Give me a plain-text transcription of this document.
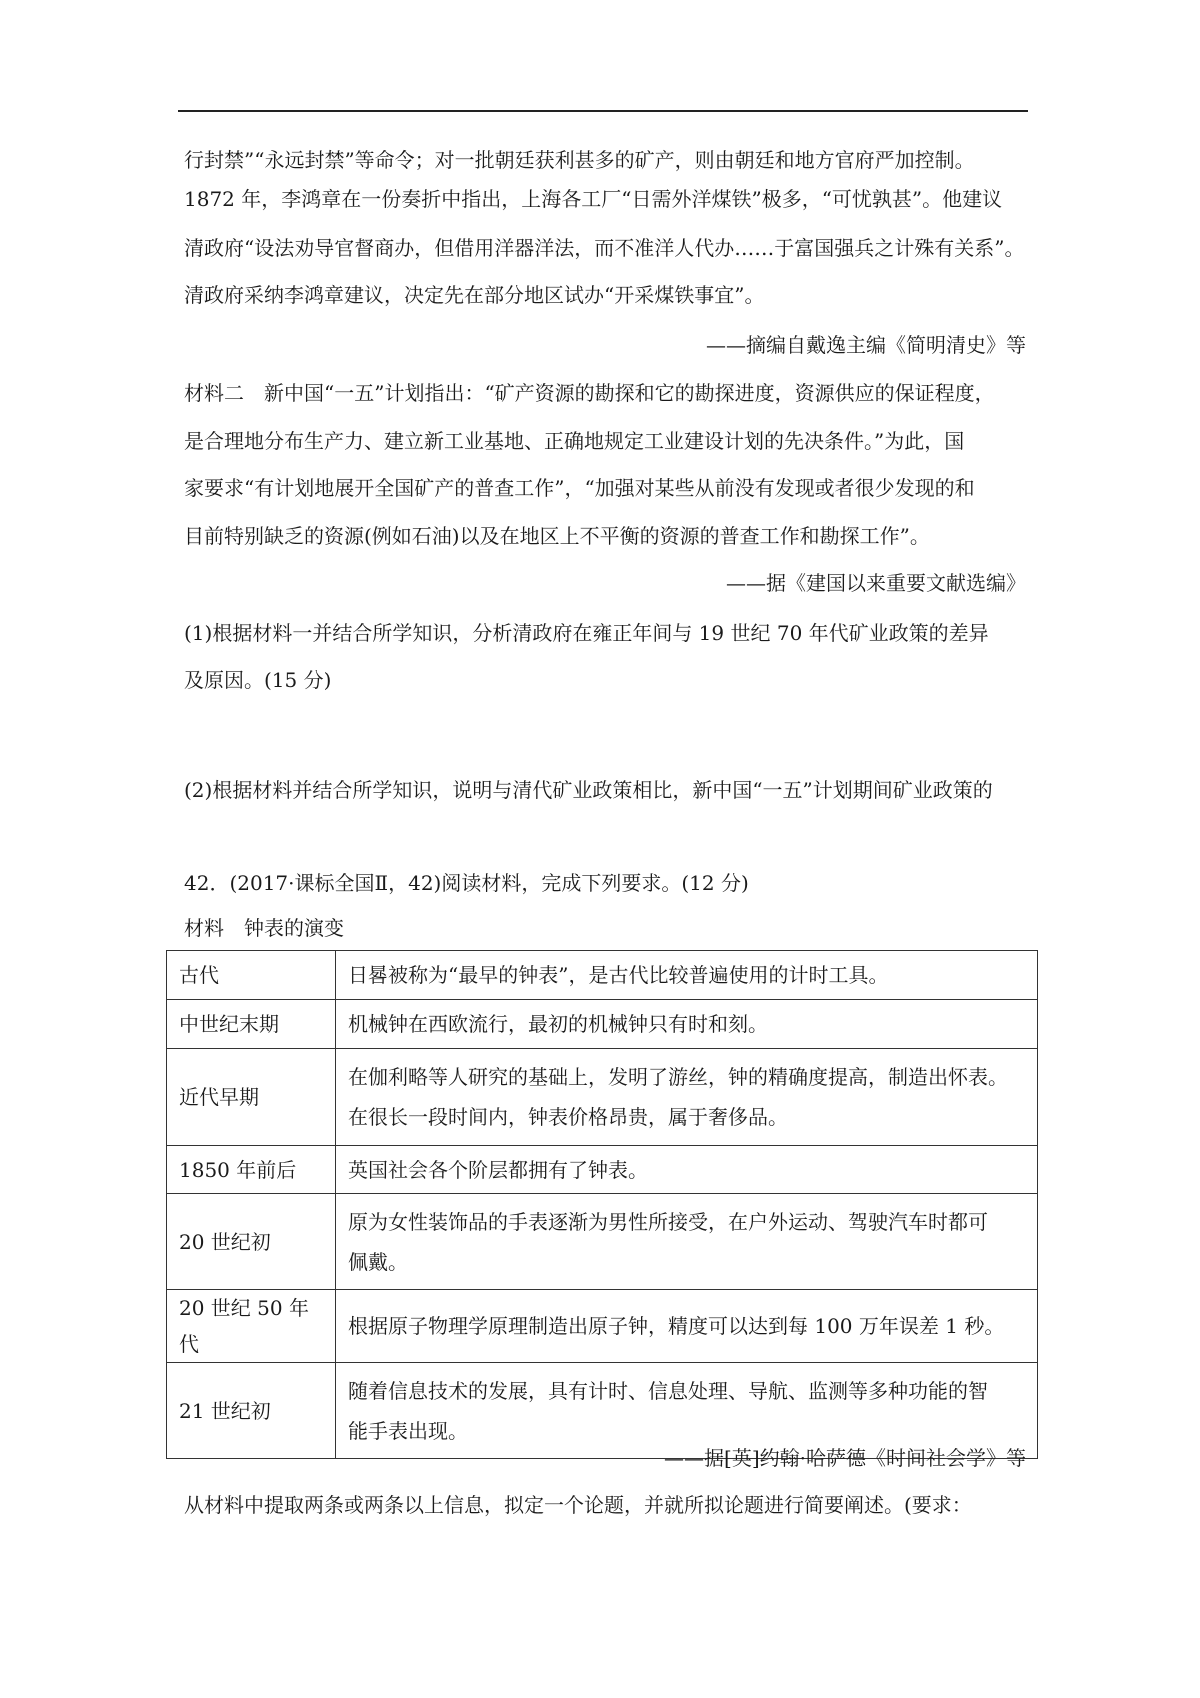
行封禁”“永远封禁”等命令；对一批朝廷获利甚多的矿产，则由朝廷和地方官府严加控制。
1872 年，李鸿章在一份奏折中指出，上海各工厂“日需外洋煤铁”极多，“可忧孰甚”。他建议
清政府“设法劝导官督商办，但借用洋器洋法，而不准洋人代办……于富国强兵之计殊有关系”。
清政府采纳李鸿章建议，决定先在部分地区试办“开采煤铁事宜”。
——摘编自戴逸主编《简明清史》等
材料二　新中国“一五”计划指出：“矿产资源的勘探和它的勘探进度，资源供应的保证程度，
是合理地分布生产力、建立新工业基地、正确地规定工业建设计划的先决条件。”为此，国
家要求“有计划地展开全国矿产的普查工作”，“加强对某些从前没有发现或者很少发现的和
目前特别缺乏的资源(例如石油)以及在地区上不平衡的资源的普查工作和勘探工作”。
——据《建国以来重要文献选编》
(1)根据材料一并结合所学知识，分析清政府在雍正年间与 19 世纪 70 年代矿业政策的差异
及原因。(15 分)
(2)根据材料并结合所学知识，说明与清代矿业政策相比，新中国“一五”计划期间矿业政策的
42．(2017·课标全国Ⅱ，42)阅读材料，完成下列要求。(12 分)
材料　钟表的演变
古代	日晷被称为“最早的钟表”，是古代比较普遍使用的计时工具。

中世纪末期	机械钟在西欧流行，最初的机械钟只有时和刻。

近代早期	在伽利略等人研究的基础上，发明了游丝，钟的精确度提高，制造出怀表。
在很长一段时间内，钟表价格昂贵，属于奢侈品。

1850 年前后	英国社会各个阶层都拥有了钟表。

20 世纪初	原为女性装饰品的手表逐渐为男性所接受，在户外运动、驾驶汽车时都可
佩戴。

20 世纪 50 年代	根据原子物理学原理制造出原子钟，精度可以达到每 100 万年误差 1 秒。

21 世纪初	随着信息技术的发展，具有计时、信息处理、导航、监测等多种功能的智
能手表出现。
——据[英]约翰·哈萨德《时间社会学》等
从材料中提取两条或两条以上信息，拟定一个论题，并就所拟论题进行简要阐述。(要求：
